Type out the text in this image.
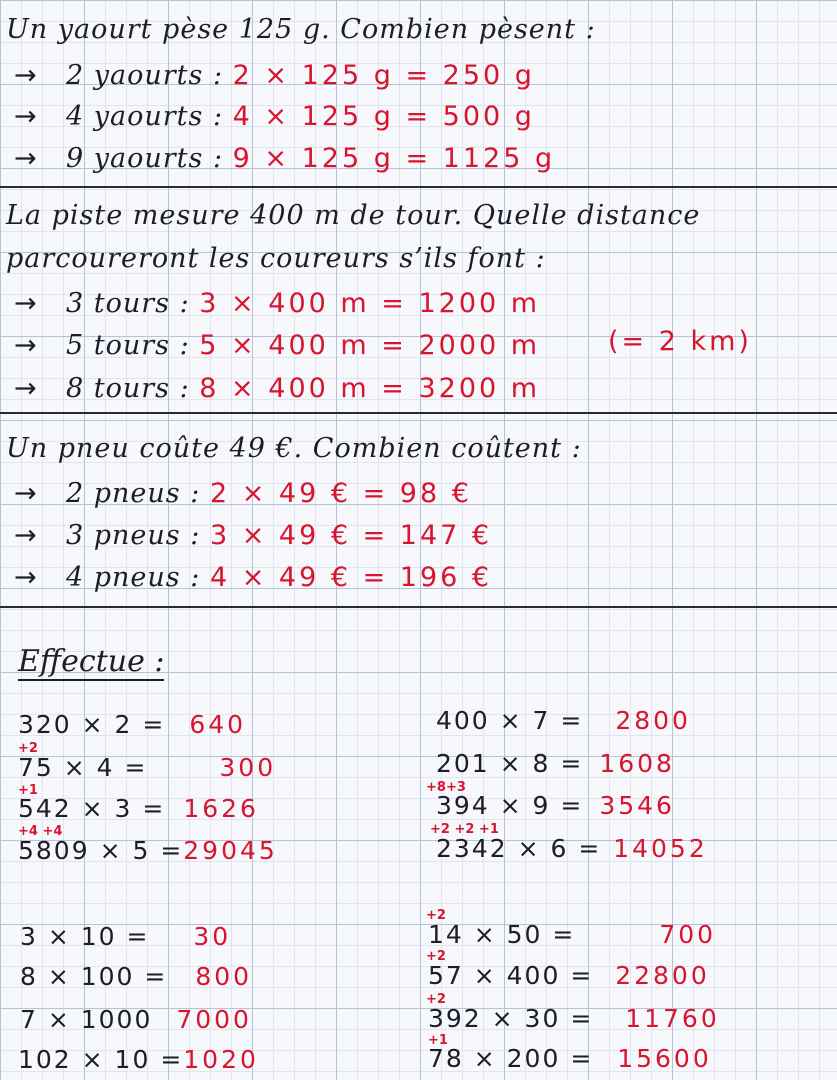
Un yaourt pèse 125 g. Combien pèsent :
→ 2 yaourts : 2 × 125 g = 250 g
→ 4 yaourts : 4 × 125 g = 500 g
→ 9 yaourts : 9 × 125 g = 1125 g
La piste mesure 400 m de tour. Quelle distance
parcoureront les coureurs s’ils font :
→ 3 tours : 3 × 400 m = 1200 m
→ 5 tours : 5 × 400 m = 2000 m	(= 2 km)
→ 8 tours : 8 × 400 m = 3200 m
Un pneu coûte 49 €. Combien coûtent :
→ 2 pneus : 2 × 49 € = 98 €
→ 3 pneus : 3 × 49 € = 147 €
→ 4 pneus : 4 × 49 € = 196 €
Effectue :
320 × 2 = 640
+2
75 × 4 =	300
+1
542 × 3 = 1626
+4 +4
5809 × 5 =29045
400 × 7 = 2800
201 × 8 = 1608
+8+3
394 × 9 = 3546
+2 +2 +1
2342 × 6 = 14052
3 × 10 = 30
8 × 100 = 800
7 × 1000 7000
102 × 10 =1020
+2
14 × 50 =	700
+2
57 × 400 = 22800
+2
392 × 30 = 11760
+1
78 × 200 = 15600
